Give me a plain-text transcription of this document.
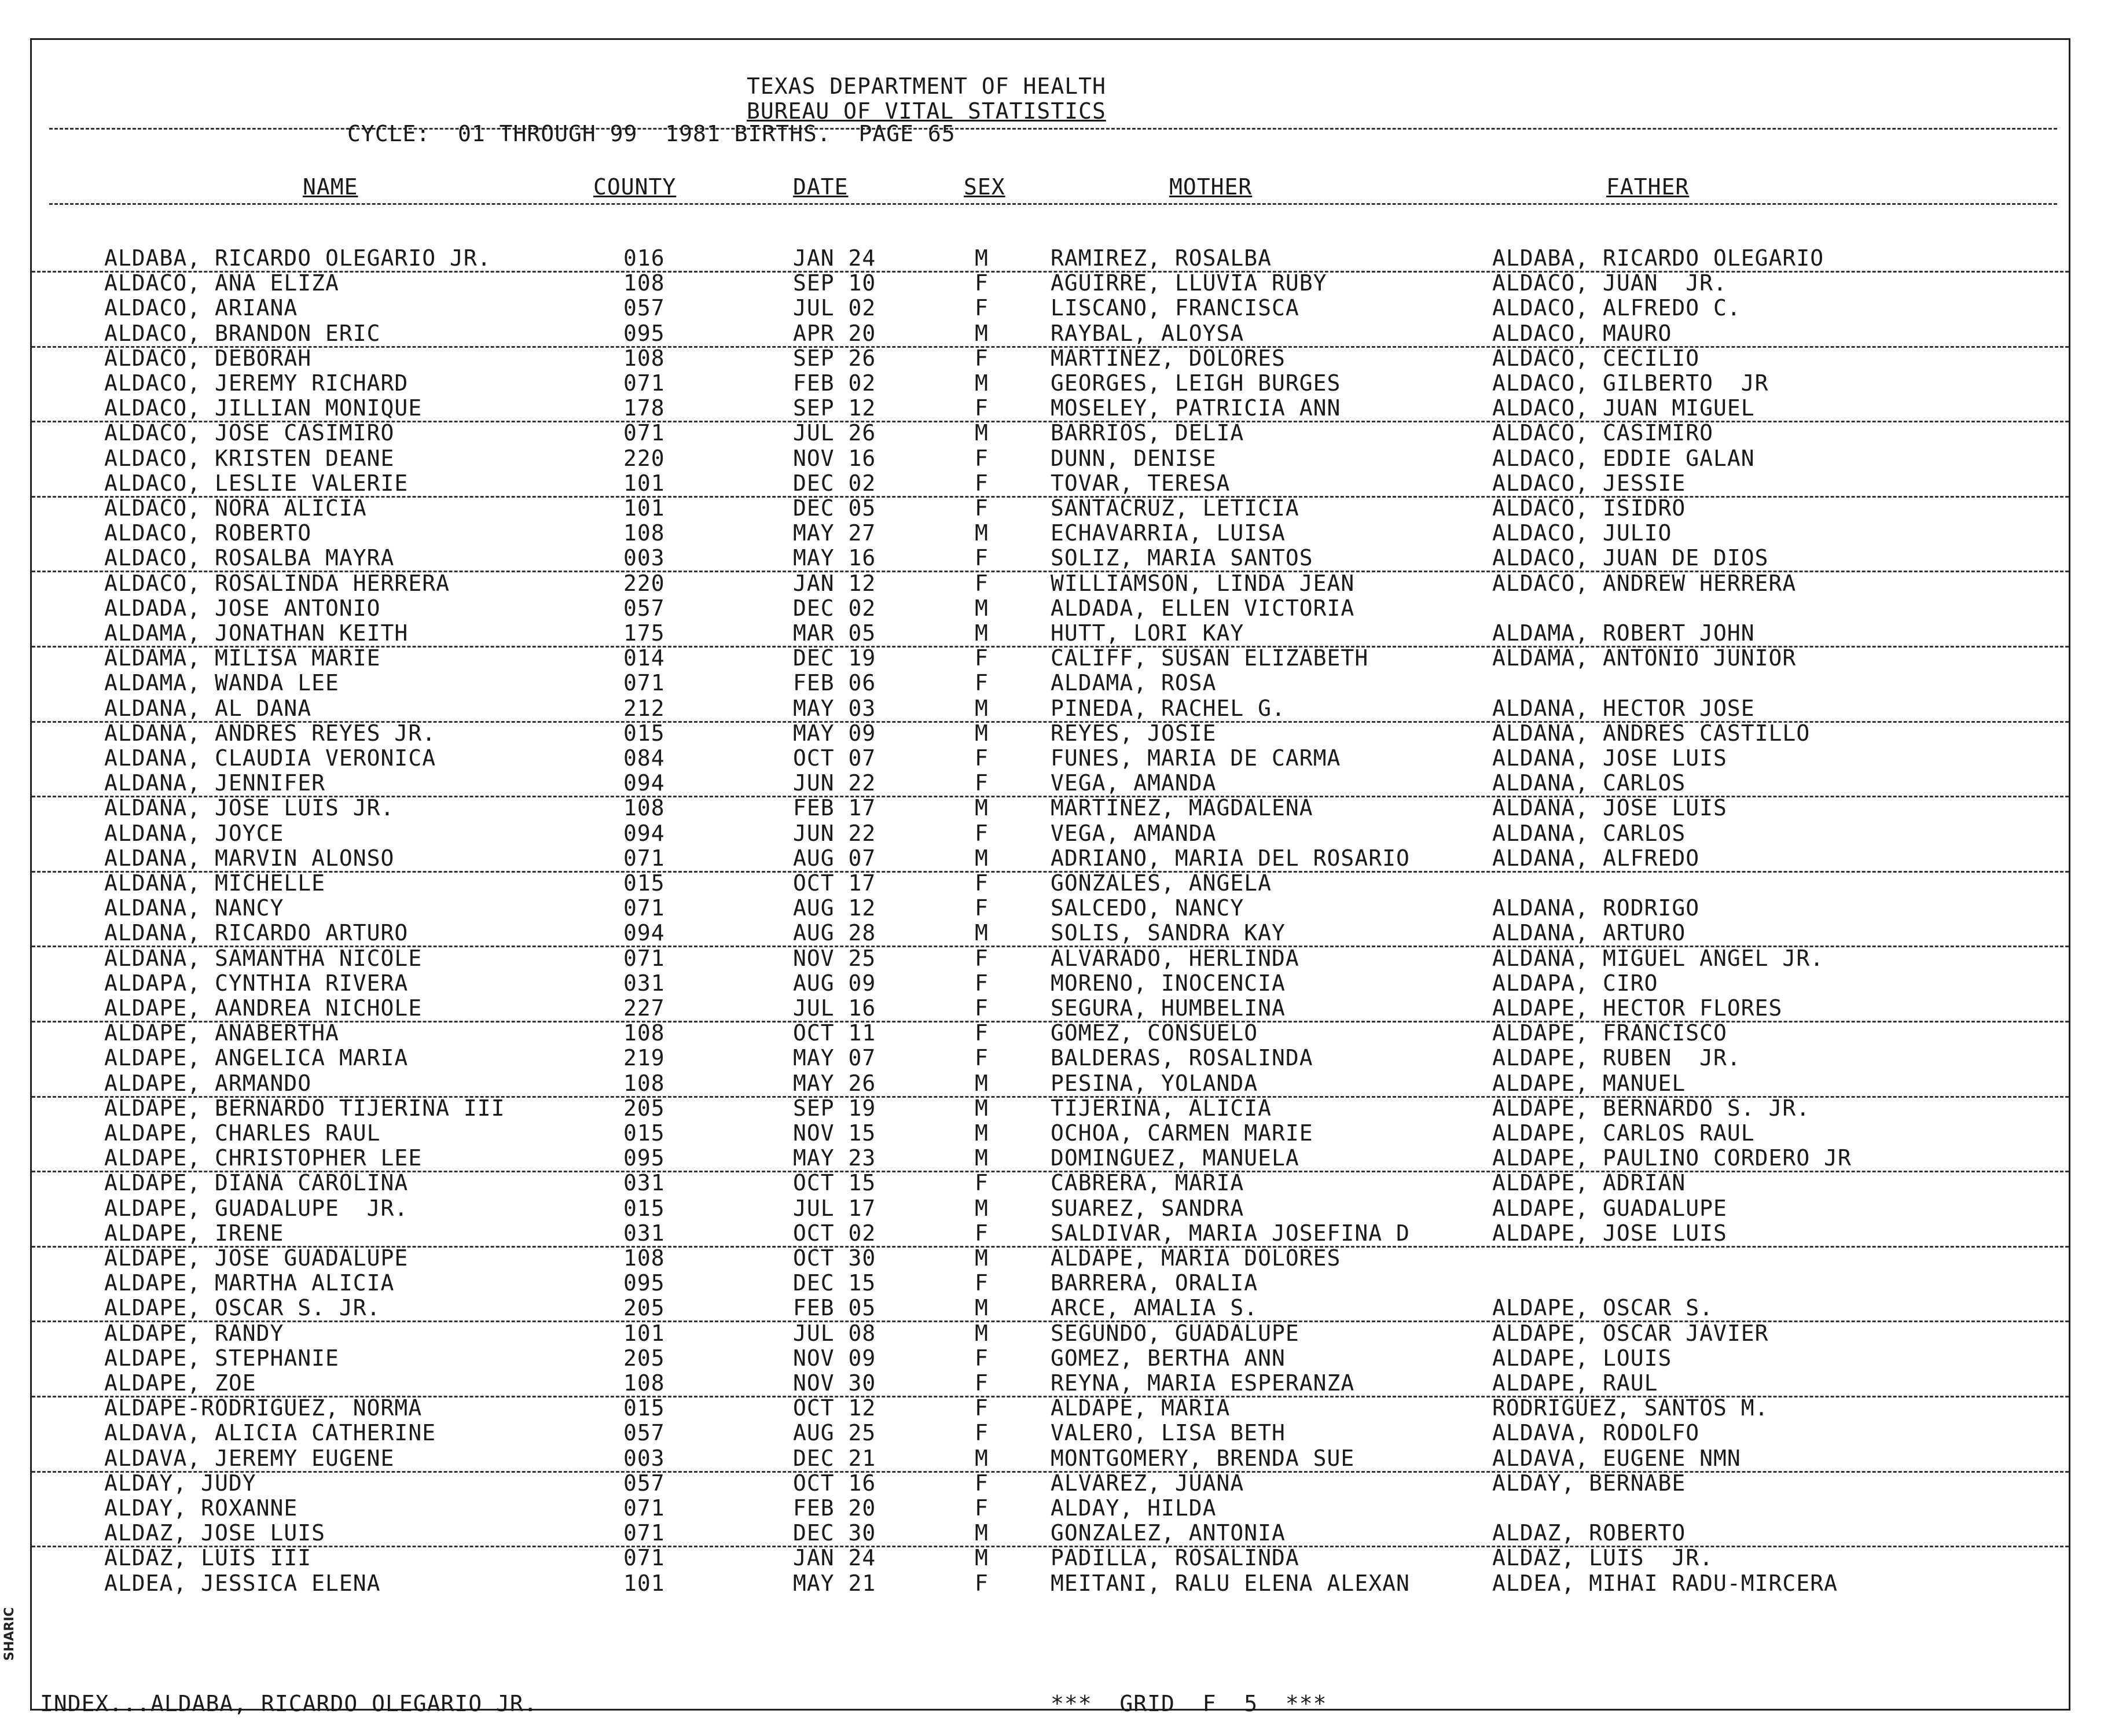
SHARIC
TEXAS DEPARTMENT OF HEALTH
BUREAU OF VITAL STATISTICS
CYCLE:  01 THROUGH 99  1981 BIRTHS.  PAGE 65
NAME	COUNTY	DATE	SEX	MOTHER	FATHER
ALDABA, RICARDO OLEGARIO JR.	016	JAN 24	M	RAMIREZ, ROSALBA	ALDABA, RICARDO OLEGARIO
ALDACO, ANA ELIZA	108	SEP 10	F	AGUIRRE, LLUVIA RUBY	ALDACO, JUAN  JR.
ALDACO, ARIANA	057	JUL 02	F	LISCANO, FRANCISCA	ALDACO, ALFREDO C.
ALDACO, BRANDON ERIC	095	APR 20	M	RAYBAL, ALOYSA	ALDACO, MAURO
ALDACO, DEBORAH	108	SEP 26	F	MARTINEZ, DOLORES	ALDACO, CECILIO
ALDACO, JEREMY RICHARD	071	FEB 02	M	GEORGES, LEIGH BURGES	ALDACO, GILBERTO  JR
ALDACO, JILLIAN MONIQUE	178	SEP 12	F	MOSELEY, PATRICIA ANN	ALDACO, JUAN MIGUEL
ALDACO, JOSE CASIMIRO	071	JUL 26	M	BARRIOS, DELIA	ALDACO, CASIMIRO
ALDACO, KRISTEN DEANE	220	NOV 16	F	DUNN, DENISE	ALDACO, EDDIE GALAN
ALDACO, LESLIE VALERIE	101	DEC 02	F	TOVAR, TERESA	ALDACO, JESSIE
ALDACO, NORA ALICIA	101	DEC 05	F	SANTACRUZ, LETICIA	ALDACO, ISIDRO
ALDACO, ROBERTO	108	MAY 27	M	ECHAVARRIA, LUISA	ALDACO, JULIO
ALDACO, ROSALBA MAYRA	003	MAY 16	F	SOLIZ, MARIA SANTOS	ALDACO, JUAN DE DIOS
ALDACO, ROSALINDA HERRERA	220	JAN 12	F	WILLIAMSON, LINDA JEAN	ALDACO, ANDREW HERRERA
ALDADA, JOSE ANTONIO	057	DEC 02	M	ALDADA, ELLEN VICTORIA
ALDAMA, JONATHAN KEITH	175	MAR 05	M	HUTT, LORI KAY	ALDAMA, ROBERT JOHN
ALDAMA, MILISA MARIE	014	DEC 19	F	CALIFF, SUSAN ELIZABETH	ALDAMA, ANTONIO JUNIOR
ALDAMA, WANDA LEE	071	FEB 06	F	ALDAMA, ROSA
ALDANA, AL DANA	212	MAY 03	M	PINEDA, RACHEL G.	ALDANA, HECTOR JOSE
ALDANA, ANDRES REYES JR.	015	MAY 09	M	REYES, JOSIE	ALDANA, ANDRES CASTILLO
ALDANA, CLAUDIA VERONICA	084	OCT 07	F	FUNES, MARIA DE CARMA	ALDANA, JOSE LUIS
ALDANA, JENNIFER	094	JUN 22	F	VEGA, AMANDA	ALDANA, CARLOS
ALDANA, JOSE LUIS JR.	108	FEB 17	M	MARTINEZ, MAGDALENA	ALDANA, JOSE LUIS
ALDANA, JOYCE	094	JUN 22	F	VEGA, AMANDA	ALDANA, CARLOS
ALDANA, MARVIN ALONSO	071	AUG 07	M	ADRIANO, MARIA DEL ROSARIO	ALDANA, ALFREDO
ALDANA, MICHELLE	015	OCT 17	F	GONZALES, ANGELA
ALDANA, NANCY	071	AUG 12	F	SALCEDO, NANCY	ALDANA, RODRIGO
ALDANA, RICARDO ARTURO	094	AUG 28	M	SOLIS, SANDRA KAY	ALDANA, ARTURO
ALDANA, SAMANTHA NICOLE	071	NOV 25	F	ALVARADO, HERLINDA	ALDANA, MIGUEL ANGEL JR.
ALDAPA, CYNTHIA RIVERA	031	AUG 09	F	MORENO, INOCENCIA	ALDAPA, CIRO
ALDAPE, AANDREA NICHOLE	227	JUL 16	F	SEGURA, HUMBELINA	ALDAPE, HECTOR FLORES
ALDAPE, ANABERTHA	108	OCT 11	F	GOMEZ, CONSUELO	ALDAPE, FRANCISCO
ALDAPE, ANGELICA MARIA	219	MAY 07	F	BALDERAS, ROSALINDA	ALDAPE, RUBEN  JR.
ALDAPE, ARMANDO	108	MAY 26	M	PESINA, YOLANDA	ALDAPE, MANUEL
ALDAPE, BERNARDO TIJERINA III	205	SEP 19	M	TIJERINA, ALICIA	ALDAPE, BERNARDO S. JR.
ALDAPE, CHARLES RAUL	015	NOV 15	M	OCHOA, CARMEN MARIE	ALDAPE, CARLOS RAUL
ALDAPE, CHRISTOPHER LEE	095	MAY 23	M	DOMINGUEZ, MANUELA	ALDAPE, PAULINO CORDERO JR
ALDAPE, DIANA CAROLINA	031	OCT 15	F	CABRERA, MARIA	ALDAPE, ADRIAN
ALDAPE, GUADALUPE  JR.	015	JUL 17	M	SUAREZ, SANDRA	ALDAPE, GUADALUPE
ALDAPE, IRENE	031	OCT 02	F	SALDIVAR, MARIA JOSEFINA D	ALDAPE, JOSE LUIS
ALDAPE, JOSE GUADALUPE	108	OCT 30	M	ALDAPE, MARIA DOLORES
ALDAPE, MARTHA ALICIA	095	DEC 15	F	BARRERA, ORALIA
ALDAPE, OSCAR S. JR.	205	FEB 05	M	ARCE, AMALIA S.	ALDAPE, OSCAR S.
ALDAPE, RANDY	101	JUL 08	M	SEGUNDO, GUADALUPE	ALDAPE, OSCAR JAVIER
ALDAPE, STEPHANIE	205	NOV 09	F	GOMEZ, BERTHA ANN	ALDAPE, LOUIS
ALDAPE, ZOE	108	NOV 30	F	REYNA, MARIA ESPERANZA	ALDAPE, RAUL
ALDAPE-RODRIGUEZ, NORMA	015	OCT 12	F	ALDAPE, MARIA	RODRIGUEZ, SANTOS M.
ALDAVA, ALICIA CATHERINE	057	AUG 25	F	VALERO, LISA BETH	ALDAVA, RODOLFO
ALDAVA, JEREMY EUGENE	003	DEC 21	M	MONTGOMERY, BRENDA SUE	ALDAVA, EUGENE NMN
ALDAY, JUDY	057	OCT 16	F	ALVAREZ, JUANA	ALDAY, BERNABE
ALDAY, ROXANNE	071	FEB 20	F	ALDAY, HILDA
ALDAZ, JOSE LUIS	071	DEC 30	M	GONZALEZ, ANTONIA	ALDAZ, ROBERTO
ALDAZ, LUIS III	071	JAN 24	M	PADILLA, ROSALINDA	ALDAZ, LUIS  JR.
ALDEA, JESSICA ELENA	101	MAY 21	F	MEITANI, RALU ELENA ALEXAN	ALDEA, MIHAI RADU-MIRCERA
INDEX...ALDABA, RICARDO OLEGARIO JR.	***  GRID  F  5  ***
